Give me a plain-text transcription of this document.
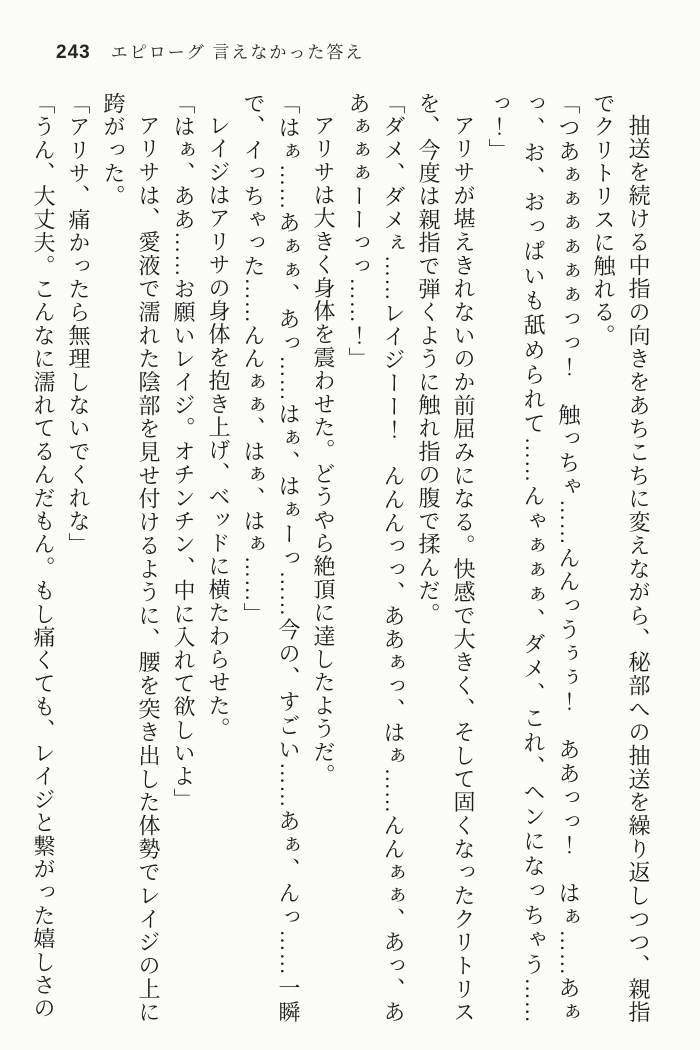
243 エピローグ 言えなかった答え

抽送を続ける中指の向きをあちこちに変えながら、秘部への抽送を繰り返しつつ、親指でクリトリスに触れる。

「つあぁぁぁぁぁぁっっ！　触っちゃ……んんっうぅぅ！　ああっっ！　はぁ……あぁっ、お、おっぱいも舐められて……んゃぁぁぁ、ダメ、これ、ヘンになっちゃう……っ！」

アリサが堪えきれないのか前屈みになる。快感で大きく、そして固くなったクリトリスを、今度は親指で弾くように触れ指の腹で揉んだ。

「ダメ、ダメぇ……レイジーー！　んんんっっ、ああぁっ、はぁ……んんぁぁ、あっ、ああぁぁぁーーっっ……！」

アリサは大きく身体を震わせた。どうやら絶頂に達したようだ。

「はぁ……あぁぁ、あっ……はぁ、はぁーっ……今の、すごい……あぁ、んっ……一瞬で、イっちゃった……んんぁぁ、はぁ、はぁ……」

レイジはアリサの身体を抱き上げ、ベッドに横たわらせた。

「はぁ、ああ……お願いレイジ。オチンチン、中に入れて欲しいよ」

アリサは、愛液で濡れた陰部を見せ付けるように、腰を突き出した体勢でレイジの上に跨がった。

「アリサ、痛かったら無理しないでくれな」

「うん、大丈夫。こんなに濡れてるんだもん。もし痛くても、レイジと繋がった嬉しさの
